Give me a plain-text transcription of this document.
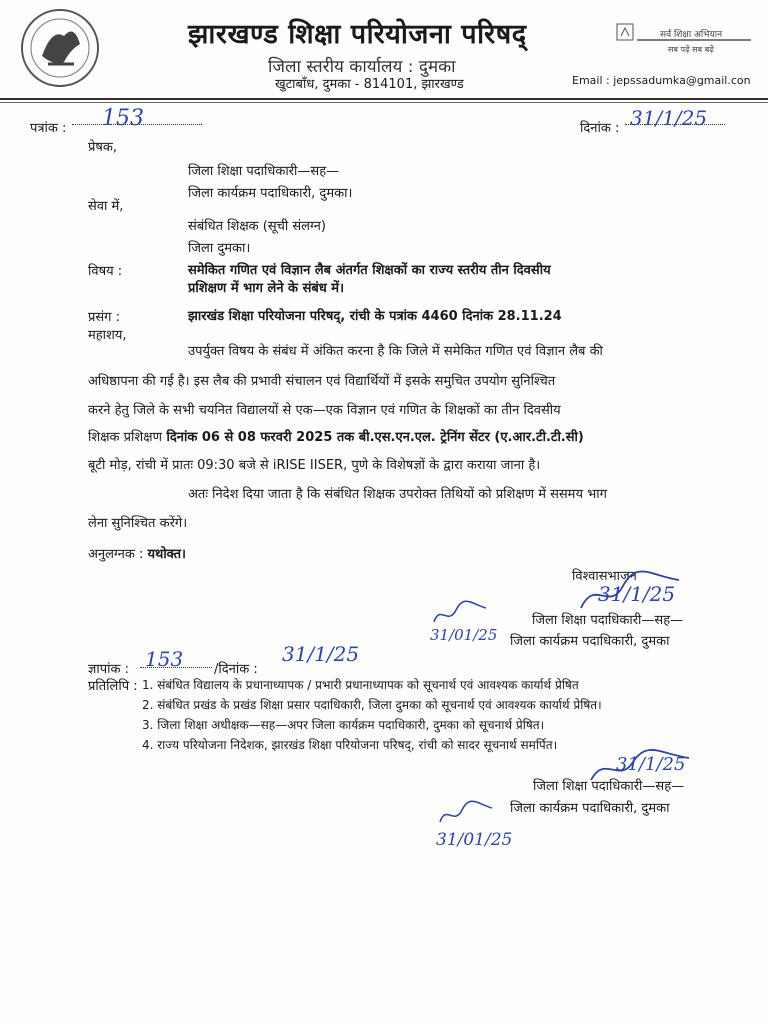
झारखण्ड शिक्षा परियोजना परिषद्
जिला स्तरीय कार्यालय : दुमका
खुटाबाँध, दुमका - 814101, झारखण्ड	Email : jepssadumka@gmail.con
सर्व शिक्षा अभियान
सब पढ़ें सब बढ़ें
पत्रांक : 153	दिनांक : 31/1/25
प्रेषक,
जिला शिक्षा पदाधिकारी—सह—
जिला कार्यक्रम पदाधिकारी, दुमका।
सेवा में,
संबंधित शिक्षक (सूची संलग्न)
जिला दुमका।
विषय :	समेकित गणित एवं विज्ञान लैब अंतर्गत शिक्षकों का राज्य स्तरीय तीन दिवसीय
प्रशिक्षण में भाग लेने के संबंध में।
प्रसंग :	झारखंड शिक्षा परियोजना परिषद्, रांची के पत्रांक 4460 दिनांक 28.11.24
महाशय,
उपर्युक्त विषय के संबंध में अंकित करना है कि जिले में समेकित गणित एवं विज्ञान लैब की
अधिष्ठापना की गई है। इस लैब की प्रभावी संचालन एवं विद्यार्थियों में इसके समुचित उपयोग सुनिश्चित
करने हेतु जिले के सभी चयनित विद्यालयों से एक—एक विज्ञान एवं गणित के शिक्षकों का तीन दिवसीय
शिक्षक प्रशिक्षण दिनांक 06 से 08 फरवरी 2025 तक बी.एस.एन.एल. ट्रेनिंग सेंटर (ए.आर.टी.टी.सी)
बूटी मोड़, रांची में प्रातः 09:30 बजे से iRISE IISER, पुणे के विशेषज्ञों के द्वारा कराया जाना है।
अतः निदेश दिया जाता है कि संबंधित शिक्षक उपरोक्त तिथियों को प्रशिक्षण में ससमय भाग
लेना सुनिश्चित करेंगे।
अनुलग्नक : यथोक्त।
विश्वासभाजन
31/1/25
जिला शिक्षा पदाधिकारी—सह—
जिला कार्यक्रम पदाधिकारी, दुमका
31/01/25
ज्ञापांक : 153 /दिनांक :
31/1/25
प्रतिलिपि : 1. संबंधित विद्यालय के प्रधानाध्यापक / प्रभारी प्रधानाध्यापक को सूचनार्थ एवं आवश्यक कार्यार्थ प्रेषित
2. संबंधित प्रखंड के प्रखंड शिक्षा प्रसार पदाधिकारी, जिला दुमका को सूचनार्थ एवं आवश्यक कार्यार्थ प्रेषित।
3. जिला शिक्षा अधीक्षक—सह—अपर जिला कार्यक्रम पदाधिकारी, दुमका को सूचनार्थ प्रेषित।
4. राज्य परियोजना निदेशक, झारखंड शिक्षा परियोजना परिषद्, रांची को सादर सूचनार्थ समर्पित।
31/1/25
जिला शिक्षा पदाधिकारी—सह—
जिला कार्यक्रम पदाधिकारी, दुमका
31/01/25
